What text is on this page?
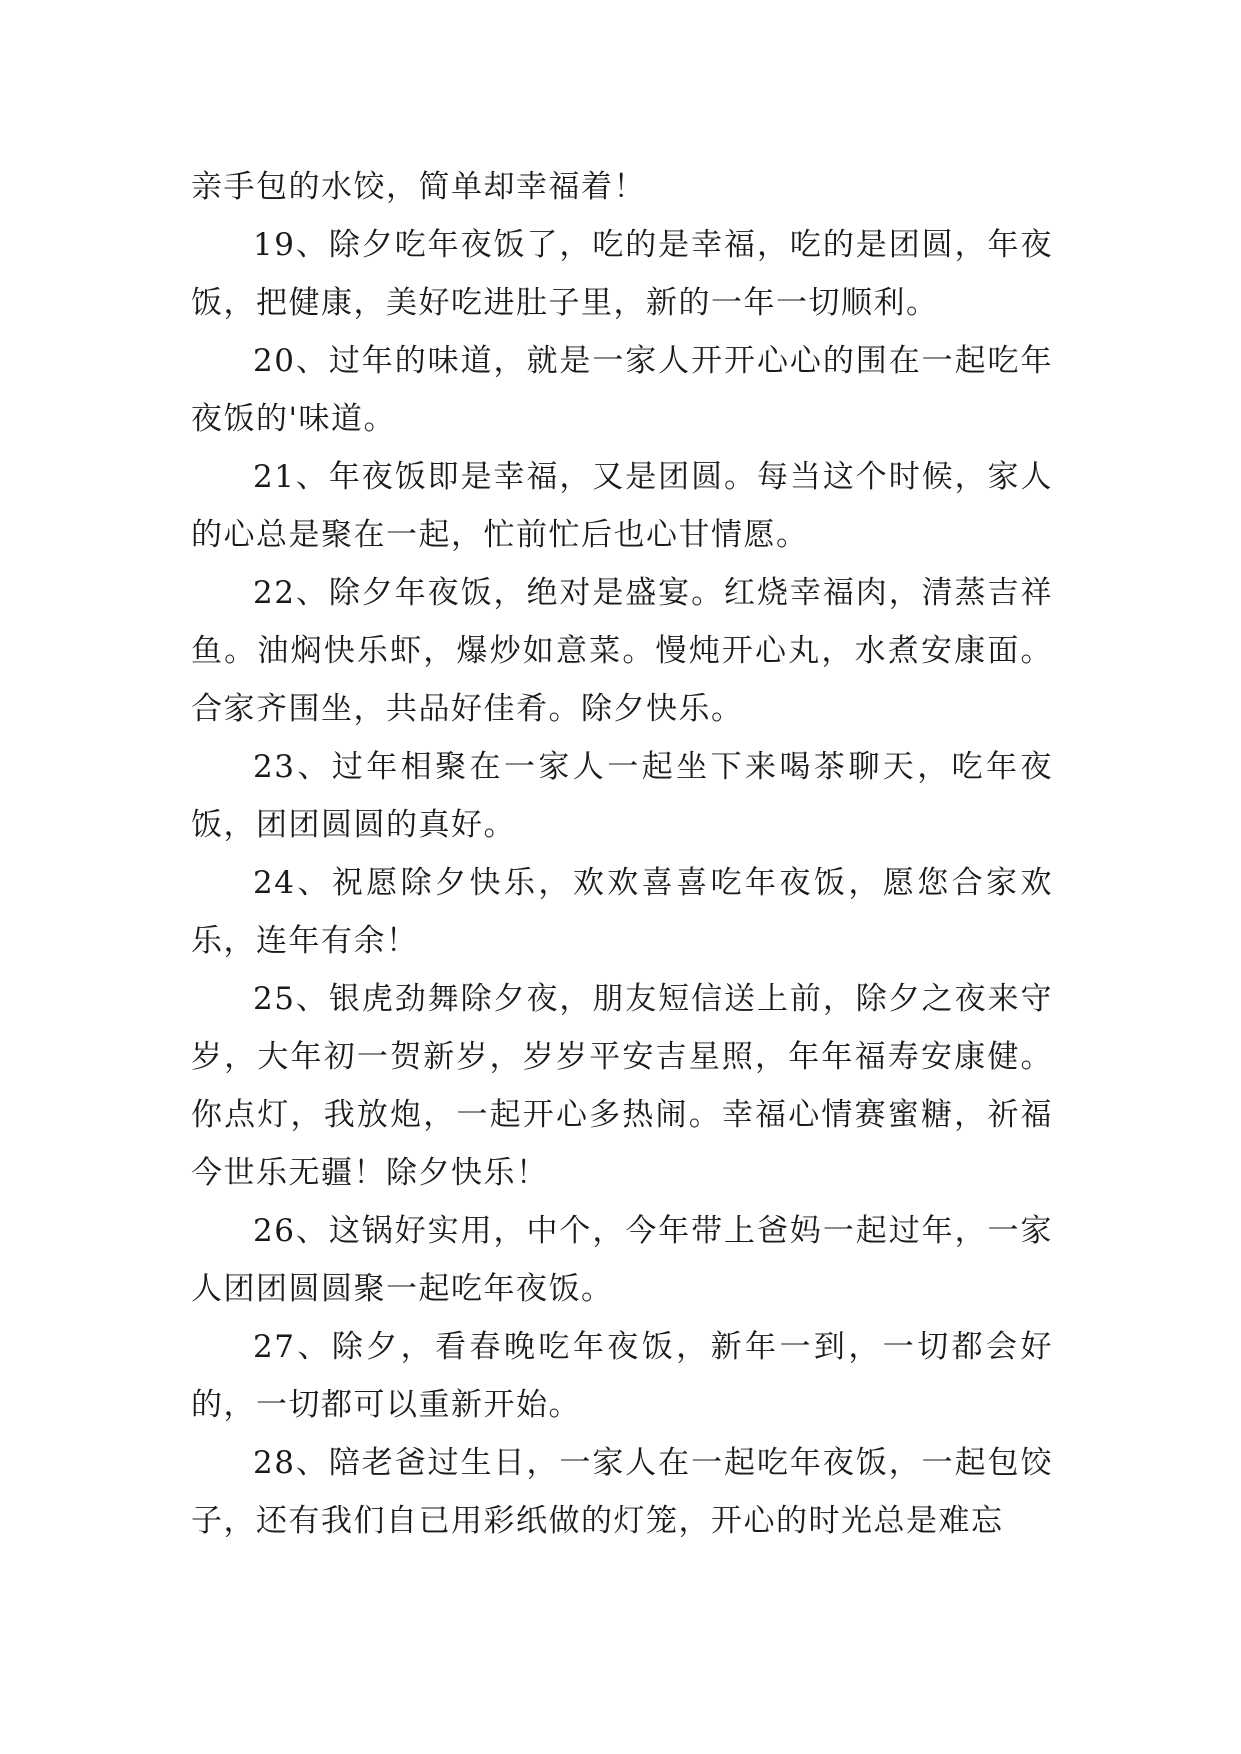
亲手包的水饺，简单却幸福着！

19、除夕吃年夜饭了，吃的是幸福，吃的是团圆，年夜饭，把健康，美好吃进肚子里，新的一年一切顺利。

20、过年的味道，就是一家人开开心心的围在一起吃年夜饭的'味道。

21、年夜饭即是幸福，又是团圆。每当这个时候，家人的心总是聚在一起，忙前忙后也心甘情愿。

22、除夕年夜饭，绝对是盛宴。红烧幸福肉，清蒸吉祥鱼。油焖快乐虾，爆炒如意菜。慢炖开心丸，水煮安康面。合家齐围坐，共品好佳肴。除夕快乐。

23、过年相聚在一家人一起坐下来喝茶聊天，吃年夜饭，团团圆圆的真好。

24、祝愿除夕快乐，欢欢喜喜吃年夜饭，愿您合家欢乐，连年有余！

25、银虎劲舞除夕夜，朋友短信送上前，除夕之夜来守岁，大年初一贺新岁，岁岁平安吉星照，年年福寿安康健。你点灯，我放炮，一起开心多热闹。幸福心情赛蜜糖，祈福今世乐无疆！除夕快乐！

26、这锅好实用，中个，今年带上爸妈一起过年，一家人团团圆圆聚一起吃年夜饭。

27、除夕，看春晚吃年夜饭，新年一到，一切都会好的，一切都可以重新开始。

28、陪老爸过生日，一家人在一起吃年夜饭，一起包饺子，还有我们自已用彩纸做的灯笼，开心的时光总是难忘
